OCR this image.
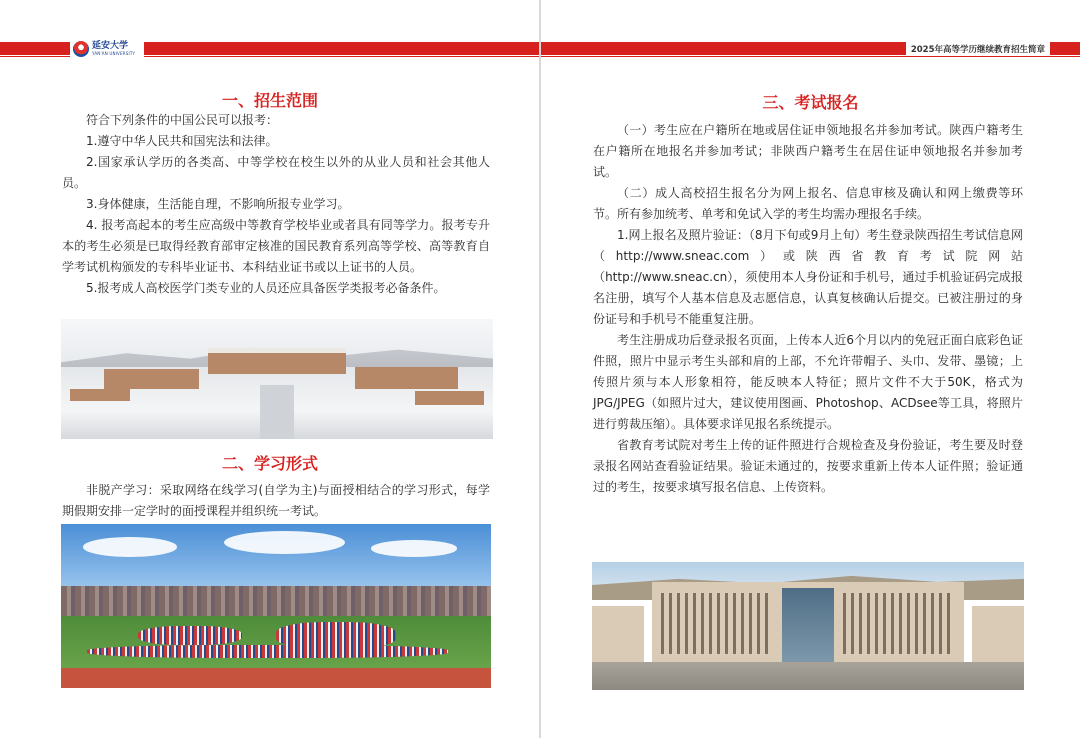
延安大学
YAN'AN UNIVERSITY
一、招生范围

符合下列条件的中国公民可以报考：

1.遵守中华人民共和国宪法和法律。

2.国家承认学历的各类高、中等学校在校生以外的从业人员和社会其他人员。

3.身体健康，生活能自理，不影响所报专业学习。

4. 报考高起本的考生应高级中等教育学校毕业或者具有同等学力。报考专升本的考生必须是已取得经教育部审定核准的国民教育系列高等学校、高等教育自学考试机构颁发的专科毕业证书、本科结业证书或以上证书的人员。

5.报考成人高校医学门类专业的人员还应具备医学类报考必备条件。

二、学习形式

非脱产学习：采取网络在线学习(自学为主)与面授相结合的学习形式，每学期假期安排一定学时的面授课程并组织统一考试。

2025年高等学历继续教育招生简章
三、考试报名

（一）考生应在户籍所在地或居住证申领地报名并参加考试。陕西户籍考生在户籍所在地报名并参加考试；非陕西户籍考生在居住证申领地报名并参加考试。

（二）成人高校招生报名分为网上报名、信息审核及确认和网上缴费等环节。所有参加统考、单考和免试入学的考生均需办理报名手续。

1.网上报名及照片验证：（8月下旬或9月上旬）考生登录陕西招生考试信息网（http://www.sneac.com）或陕西省教育考试院网站（http://www.sneac.cn），须使用本人身份证和手机号，通过手机验证码完成报名注册，填写个人基本信息及志愿信息，认真复核确认后提交。已被注册过的身份证号和手机号不能重复注册。

考生注册成功后登录报名页面，上传本人近6个月以内的免冠正面白底彩色证件照，照片中显示考生头部和肩的上部，不允许带帽子、头巾、发带、墨镜；上传照片须与本人形象相符，能反映本人特征；照片文件不大于50K，格式为JPG/JPEG（如照片过大，建议使用图画、Photoshop、ACDsee等工具，将照片进行剪裁压缩）。具体要求详见报名系统提示。

省教育考试院对考生上传的证件照进行合规检查及身份验证，考生要及时登录报名网站查看验证结果。验证未通过的，按要求重新上传本人证件照；验证通过的考生，按要求填写报名信息、上传资料。
